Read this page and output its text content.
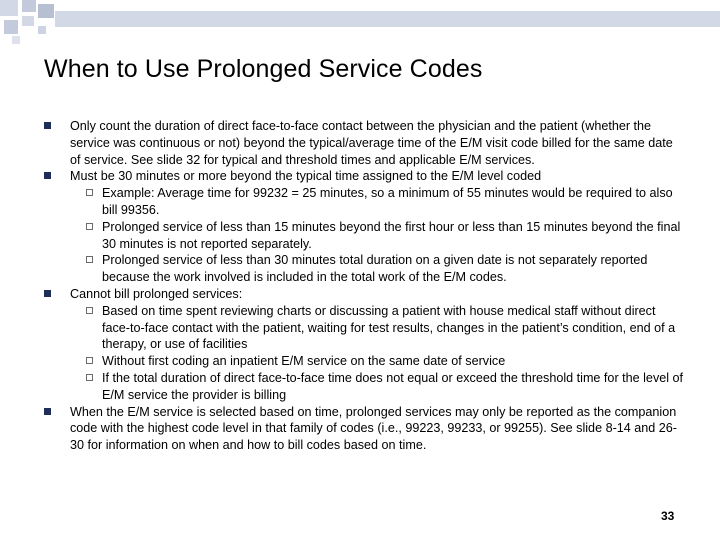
When to Use Prolonged Service Codes
Only count the duration of direct face-to-face contact between the physician and the patient (whether the service was continuous or not) beyond the typical/average time of the E/M visit code billed for the same date of service. See slide 32 for typical and threshold times and applicable E/M services.
Must be 30 minutes or more beyond the typical time assigned to the E/M level coded
Example: Average time for 99232 = 25 minutes, so a minimum of 55 minutes would be required to also bill 99356.
Prolonged service of less than 15 minutes beyond the first hour or less than 15 minutes beyond the final 30 minutes is not reported separately.
Prolonged service of less than 30 minutes total duration on a given date is not separately reported because the work involved is included in the total work of the E/M codes.
Cannot bill prolonged services:
Based on time spent reviewing charts or discussing a patient with house medical staff without direct face-to-face contact with the patient, waiting for test results, changes in the patient’s condition, end of a therapy, or use of facilities
Without first coding an inpatient E/M service on the same date of service
If the total duration of direct face-to-face time does not equal or exceed the threshold time for the level of E/M service the provider is billing
When the E/M service is selected based on time, prolonged services may only be reported as the companion code with the highest code level in that family of codes (i.e., 99223, 99233, or 99255). See slide 8-14 and 26-30 for information on when and how to bill codes based on time.
33
